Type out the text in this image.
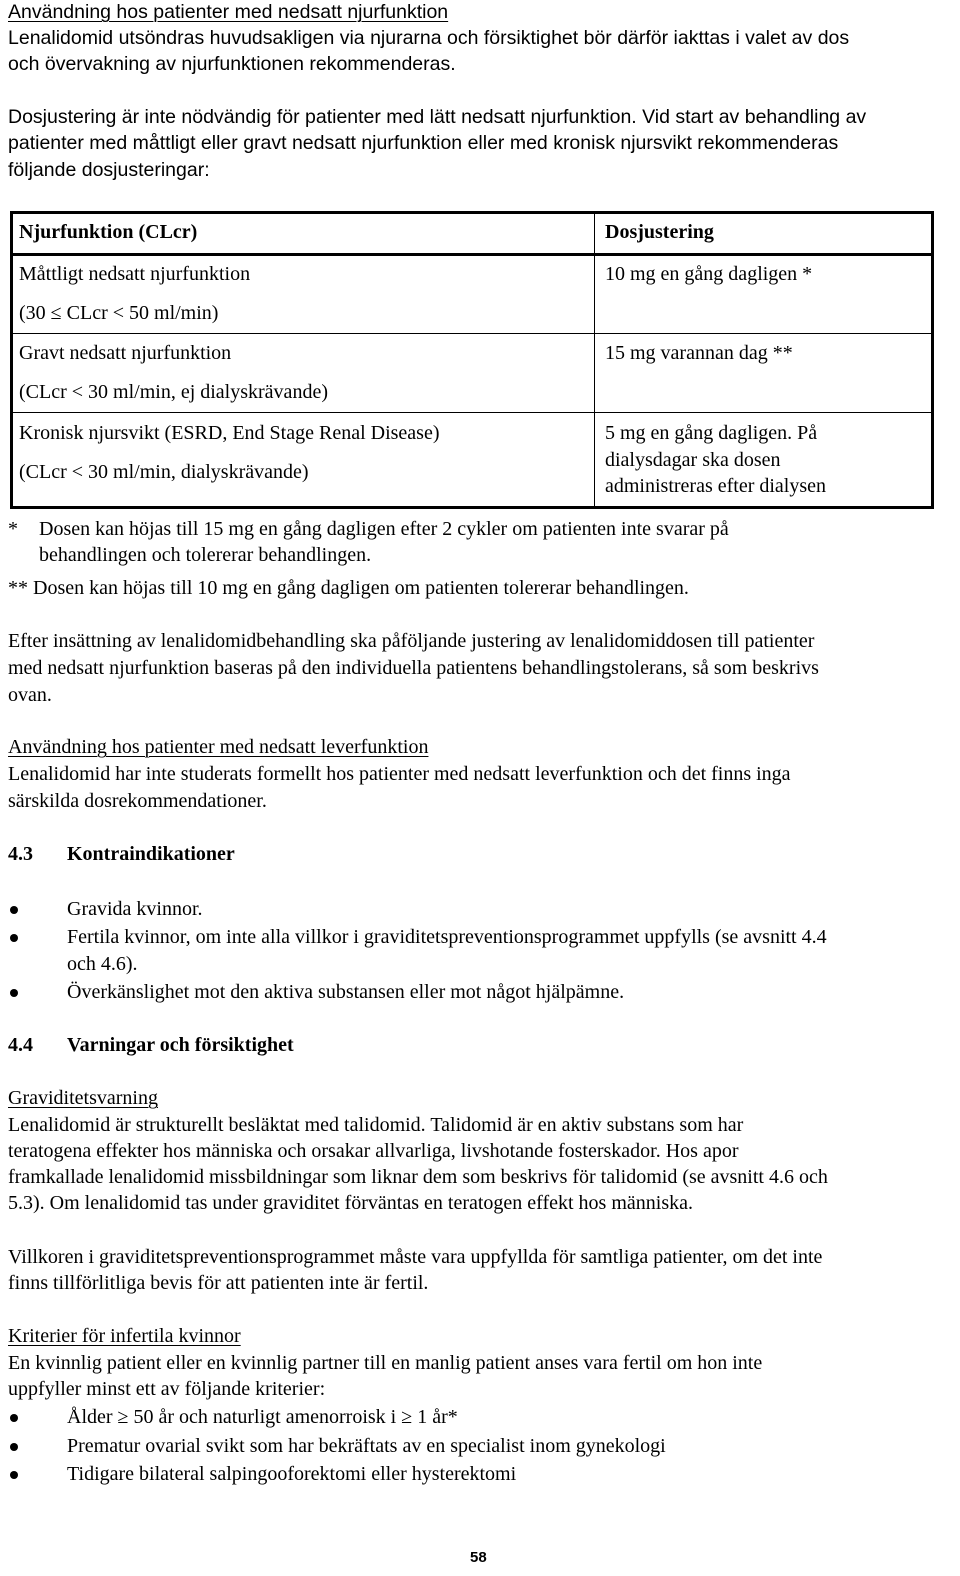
Användning hos patienter med nedsatt njurfunktion
Lenalidomid utsöndras huvudsakligen via njurarna och försiktighet bör därför iakttas i valet av dos
och övervakning av njurfunktionen rekommenderas.
Dosjustering är inte nödvändig för patienter med lätt nedsatt njurfunktion. Vid start av behandling av
patienter med måttligt eller gravt nedsatt njurfunktion eller med kronisk njursvikt rekommenderas
följande dosjusteringar:
Njurfunktion (CLcr)	Dosjustering
Måttligt nedsatt njurfunktion
(30 ≤ CLcr < 50 ml/min)
10 mg en gång dagligen *
Gravt nedsatt njurfunktion
(CLcr < 30 ml/min, ej dialyskrävande)
15 mg varannan dag **
Kronisk njursvikt (ESRD, End Stage Renal Disease)
(CLcr < 30 ml/min, dialyskrävande)
5 mg en gång dagligen. På
dialysdagar ska dosen
administreras efter dialysen
* Dosen kan höjas till 15 mg en gång dagligen efter 2 cykler om patienten inte svarar på
behandlingen och tolererar behandlingen.
** Dosen kan höjas till 10 mg en gång dagligen om patienten tolererar behandlingen.
Efter insättning av lenalidomidbehandling ska påföljande justering av lenalidomiddosen till patienter
med nedsatt njurfunktion baseras på den individuella patientens behandlingstolerans, så som beskrivs
ovan.
Användning hos patienter med nedsatt leverfunktion
Lenalidomid har inte studerats formellt hos patienter med nedsatt leverfunktion och det finns inga
särskilda dosrekommendationer.
4.3 Kontraindikationer
Gravida kvinnor.
Fertila kvinnor, om inte alla villkor i graviditetspreventionsprogrammet uppfylls (se avsnitt 4.4
och 4.6).
Överkänslighet mot den aktiva substansen eller mot något hjälpämne.
4.4 Varningar och försiktighet
Graviditetsvarning
Lenalidomid är strukturellt besläktat med talidomid. Talidomid är en aktiv substans som har
teratogena effekter hos människa och orsakar allvarliga, livshotande fosterskador. Hos apor
framkallade lenalidomid missbildningar som liknar dem som beskrivs för talidomid (se avsnitt 4.6 och
5.3). Om lenalidomid tas under graviditet förväntas en teratogen effekt hos människa.
Villkoren i graviditetspreventionsprogrammet måste vara uppfyllda för samtliga patienter, om det inte
finns tillförlitliga bevis för att patienten inte är fertil.
Kriterier för infertila kvinnor
En kvinnlig patient eller en kvinnlig partner till en manlig patient anses vara fertil om hon inte
uppfyller minst ett av följande kriterier:
Ålder ≥ 50 år och naturligt amenorroisk i ≥ 1 år*
Prematur ovarial svikt som har bekräftats av en specialist inom gynekologi
Tidigare bilateral salpingooforektomi eller hysterektomi
58
